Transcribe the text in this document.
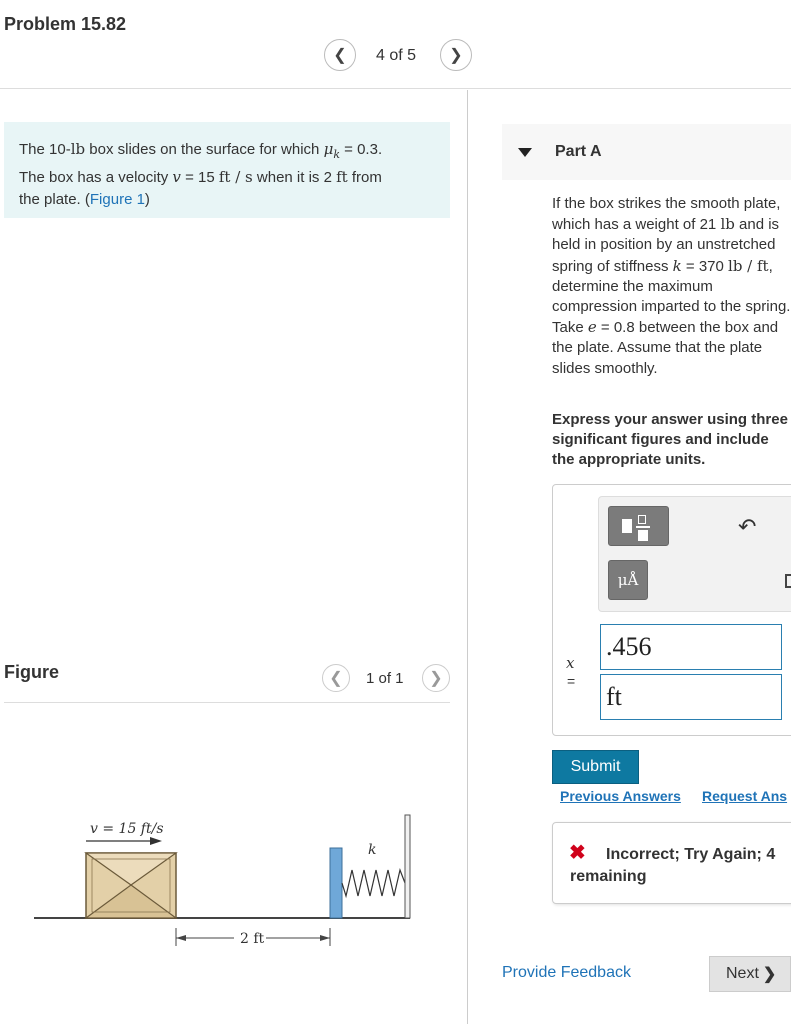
Problem 15.82
❮ 4 of 5 ❯
The 10-lb box slides on the surface for which $\mu_k = 0.3$.
The box has a velocity v = 15 ft / s when it is 2 ft from
the plate. (Figure 1)
Figure	❮ 1 of 1 ❯
v = 15 ft/s
k
2 ft
Part A
If the box strikes the smooth plate, which has a weight of 21 lb and is held in position by an unstretched spring of stiffness k = 370 lb / ft, determine the maximum compression imparted to the spring. Take e = 0.8 between the box and the plate. Assume that the plate slides smoothly.
Express your answer using three significant figures and include the appropriate units.
μÅ
↶
x
=
.456
ft
Submit
Previous Answers Request Ans
✖	Incorrect; Try Again; 4
remaining
Provide Feedback	Next ❯
